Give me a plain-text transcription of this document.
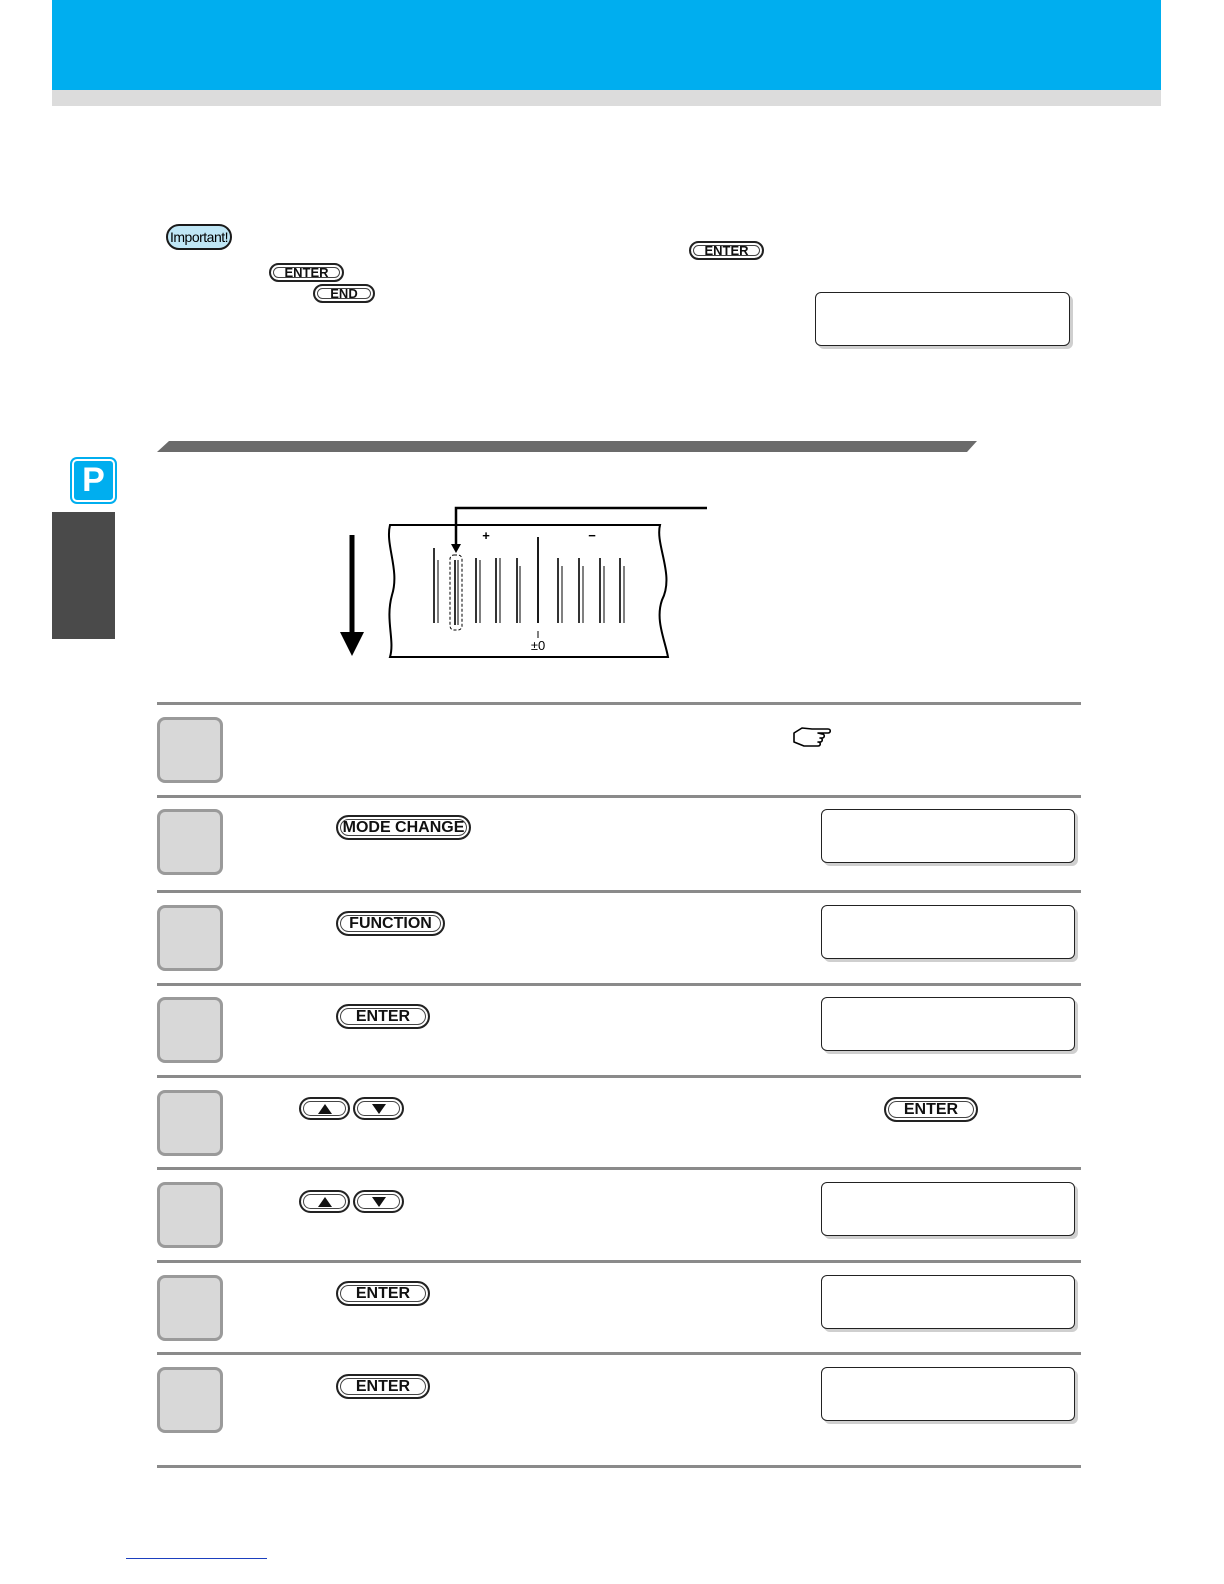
Important!
ENTER
ENTER
END
P
+	−
±0
MODE CHANGE
FUNCTION
ENTER
ENTER
ENTER
ENTER
